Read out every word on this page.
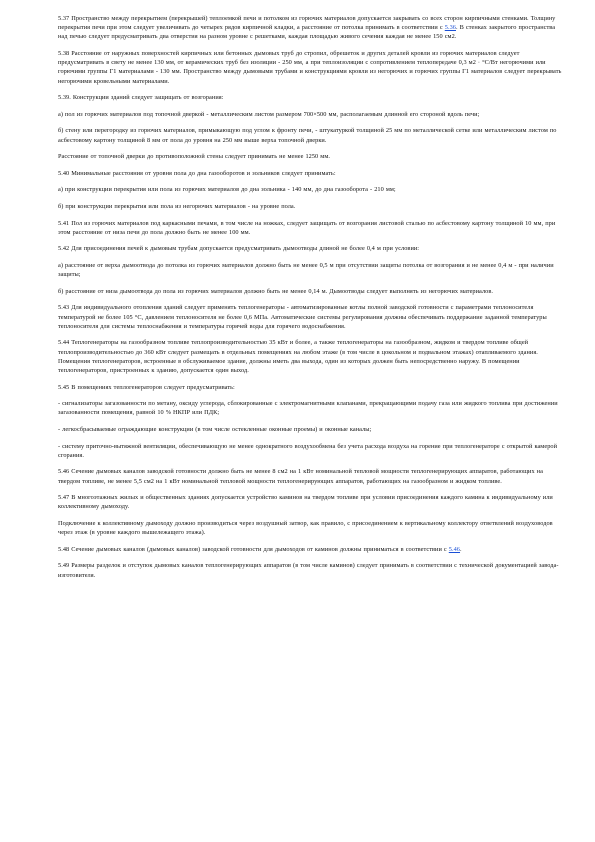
5.37 Пространство между перекрытием (перекрышей) теплоемкой печи и потолком из горючих материалов допускается закрывать со всех сторон кирпичными стенками. Толщину перекрытия печи при этом следует увеличивать до четырех рядов кирпичной кладки, а расстояние от потолка принимать в соответствии с 5.36. В стенках закрытого пространства над печью следует предусматривать два отверстия на разном уровне с решетками, каждая площадью живого сечения каждая не менее 150 см2.

5.38 Расстояние от наружных поверхностей кирпичных или бетонных дымовых труб до стропил, обрешеток и других деталей кровли из горючих материалов следует предусматривать в свету не менее 130 мм, от керамических труб без изоляции - 250 мм, а при теплоизоляции с сопротивлением теплопередаче 0,3 м2 · °С/Вт негорючими или горючими группы Г1 материалами - 130 мм. Пространство между дымовыми трубами и конструкциями кровли из негорючих и горючих группы Г1 материалов следует перекрывать негорючими кровельными материалами.

5.39. Конструкции зданий следует защищать от возгорания:

а) пол из горючих материалов под топочной дверкой - металлическим листом размером 700×500 мм, располагаемым длинной его стороной вдоль печи;

б) стену или перегородку из горючих материалов, примыкающую под углом к фронту печи, - штукатуркой толщиной 25 мм по металлической сетке или металлическим листом по асбестовому картону толщиной 8 мм от пола до уровня на 250 мм выше верха топочной дверки.

Расстояние от топочной дверки до противоположной стены следует принимать не менее 1250 мм.

5.40 Минимальные расстояния от уровня пола до дна газооборотов и зольников следует принимать:

а) при конструкции перекрытия или пола из горючих материалов до дна зольника - 140 мм, до дна газооборота - 210 мм;

б) при конструкции перекрытия или пола из негорючих материалов - на уровне пола.

5.41 Пол из горючих материалов под каркасными печами, в том числе на ножках, следует защищать от возгорания листовой сталью по асбестовому картону толщиной 10 мм, при этом расстояние от низа печи до пола должно быть не менее 100 мм.

5.42 Для присоединения печей к дымовым трубам допускается предусматривать дымоотводы длиной не более 0,4 м при условии:

а) расстояние от верха дымоотвода до потолка из горючих материалов должно быть не менее 0,5 м при отсутствии защиты потолка от возгорания и не менее 0,4 м - при наличии защиты;

б) расстояние от низа дымоотвода до пола из горючих материалов должно быть не менее 0,14 м. Дымоотводы следует выполнять из негорючих материалов.

5.43 Для индивидуального отопления зданий следует применять теплогенераторы - автоматизированные котлы полной заводской готовности с параметрами теплоносителя температурой не более 105 °С, давлением теплоносителя не более 0,6 МПа. Автоматические системы регулирования должны обеспечивать поддержание заданной температуры теплоносителя для системы теплоснабжения и температуры горячей воды для горячего водоснабжения.

5.44 Теплогенераторы на газообразном топливе теплопроизводительностью 35 кВт и более, а также теплогенераторы на газообразном, жидком и твердом топливе общей теплопроизводительностью до 360 кВт следует размещать в отдельных помещениях на любом этаже (в том числе в цокольном и подвальном этажах) отапливаемого здания. Помещения теплогенераторов, встроенные в обслуживаемое здание, должны иметь два выхода, один из которых должен быть непосредственно наружу. В помещении теплогенераторов, пристроенных к зданию, допускается один выход.

5.45 В помещениях теплогенераторов следует предусматривать:

- сигнализаторы загазованности по метану, оксиду углерода, сблокированные с электромагнитными клапанами, прекращающими подачу газа или жидкого топлива при достижении загазованности помещения, равной 10 % НКПР или ПДК;

- легкосбрасываемые ограждающие конструкции (в том числе остекленные оконные проемы) и оконные каналы;

- систему приточно-вытяжной вентиляции, обеспечивающую не менее однократного воздухообмена без учета расхода воздуха на горение при теплогенераторе с открытой камерой сгорания.

5.46 Сечение дымовых каналов заводской готовности должно быть не менее 8 см2 на 1 кВт номинальной тепловой мощности теплогенерирующих аппаратов, работающих на твердом топливе, не менее 5,5 см2 на 1 кВт номинальной тепловой мощности теплогенерирующих аппаратов, работающих на газообразном и жидком топливе.

5.47 В многоэтажных жилых и общественных зданиях допускается устройство каминов на твердом топливе при условии присоединения каждого камина к индивидуальному или коллективному дымоходу.

Подключение к коллективному дымоходу должно производиться через воздушный затвор, как правило, с присоединением к вертикальному коллектору ответвлений воздуховодов через этаж (в уровне каждого вышележащего этажа).

5.48 Сечение дымовых каналов (дымовых каналов) заводской готовности для дымоходов от каминов должны приниматься в соответствии с 5.46.

5.49 Размеры разделок и отступок дымовых каналов теплогенерирующих аппаратов (в том числе каминов) следует принимать в соответствии с технической документацией завода-изготовителя.
